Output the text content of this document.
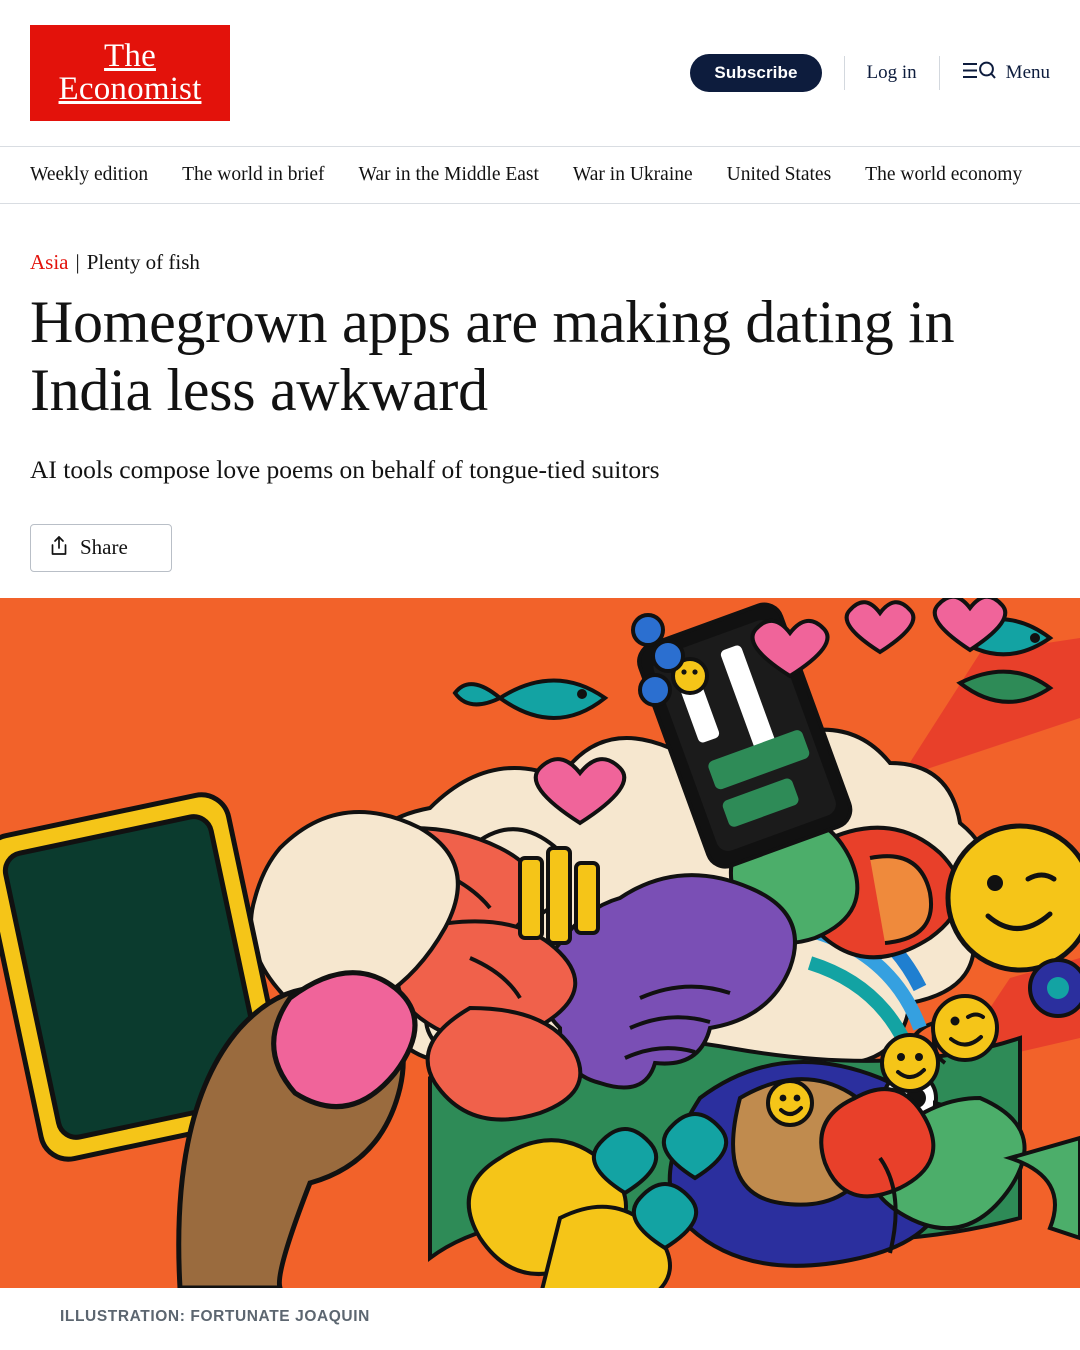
The
Economist	Subscribe	Log in	Menu
Weekly edition The world in brief War in the Middle East War in Ukraine United States The world economy
Asia | Plenty of fish
Homegrown apps are making dating in India less awkward

AI tools compose love poems on behalf of tongue-tied suitors

Share
ILLUSTRATION: FORTUNATE JOAQUIN
